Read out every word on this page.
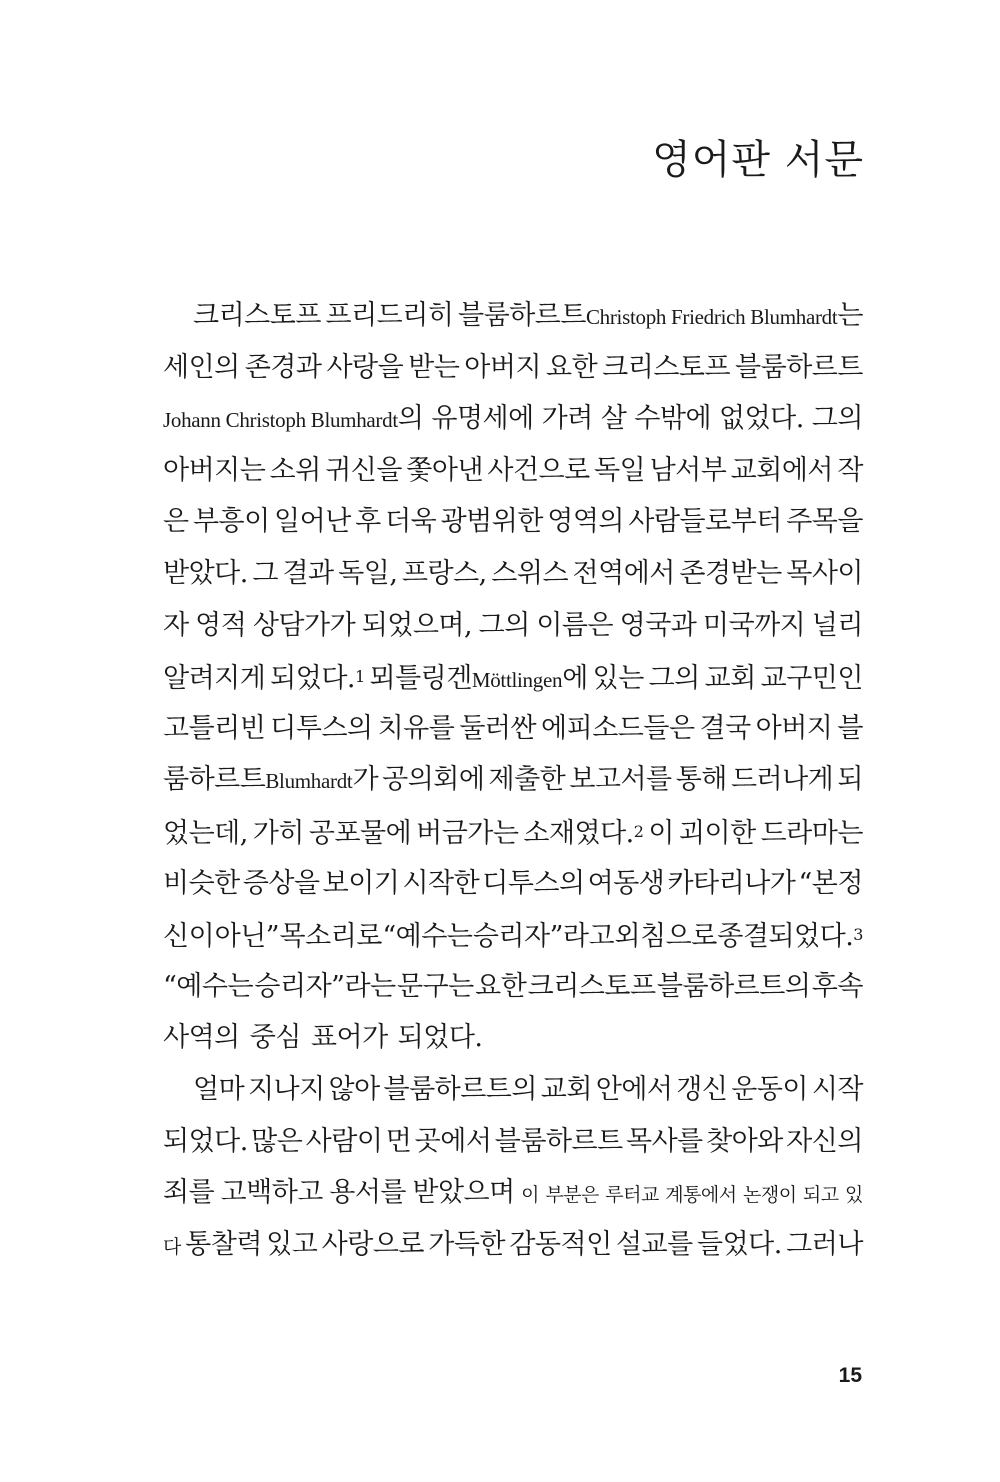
영어판 서문
크리스토프 프리드리히 블룸하르트Christoph Friedrich Blumhardt는
세인의 존경과 사랑을 받는 아버지 요한 크리스토프 블룸하르트
Johann Christoph Blumhardt의 유명세에 가려 살 수밖에 없었다. 그의
아버지는 소위 귀신을 쫓아낸 사건으로 독일 남서부 교회에서 작
은 부흥이 일어난 후 더욱 광범위한 영역의 사람들로부터 주목을
받았다. 그 결과 독일, 프랑스, 스위스 전역에서 존경받는 목사이
자 영적 상담가가 되었으며, 그의 이름은 영국과 미국까지 널리
알려지게 되었다.$^1$ 뫼틀링겐Möttlingen에 있는 그의 교회 교구민인
고틀리빈 디투스의 치유를 둘러싼 에피소드들은 결국 아버지 블
룸하르트Blumhardt가 공의회에 제출한 보고서를 통해 드러나게 되
었는데, 가히 공포물에 버금가는 소재였다.$^2$ 이 괴이한 드라마는
비슷한 증상을 보이기 시작한 디투스의 여동생 카타리나가 “본정
신이 아닌” 목소리로 “예수는 승리자”라고 외침으로 종결되었다.$^3$
“예수는 승리자”라는 문구는 요한 크리스토프 블룸하르트의 후속
사역의 중심 표어가 되었다.
얼마 지나지 않아 블룸하르트의 교회 안에서 갱신 운동이 시작
되었다. 많은 사람이 먼 곳에서 블룸하르트 목사를 찾아와 자신의
죄를 고백하고 용서를 받았으며 이 부분은 루터교 계통에서 논쟁이 되고 있
다 통찰력 있고 사랑으로 가득한 감동적인 설교를 들었다. 그러나
15
